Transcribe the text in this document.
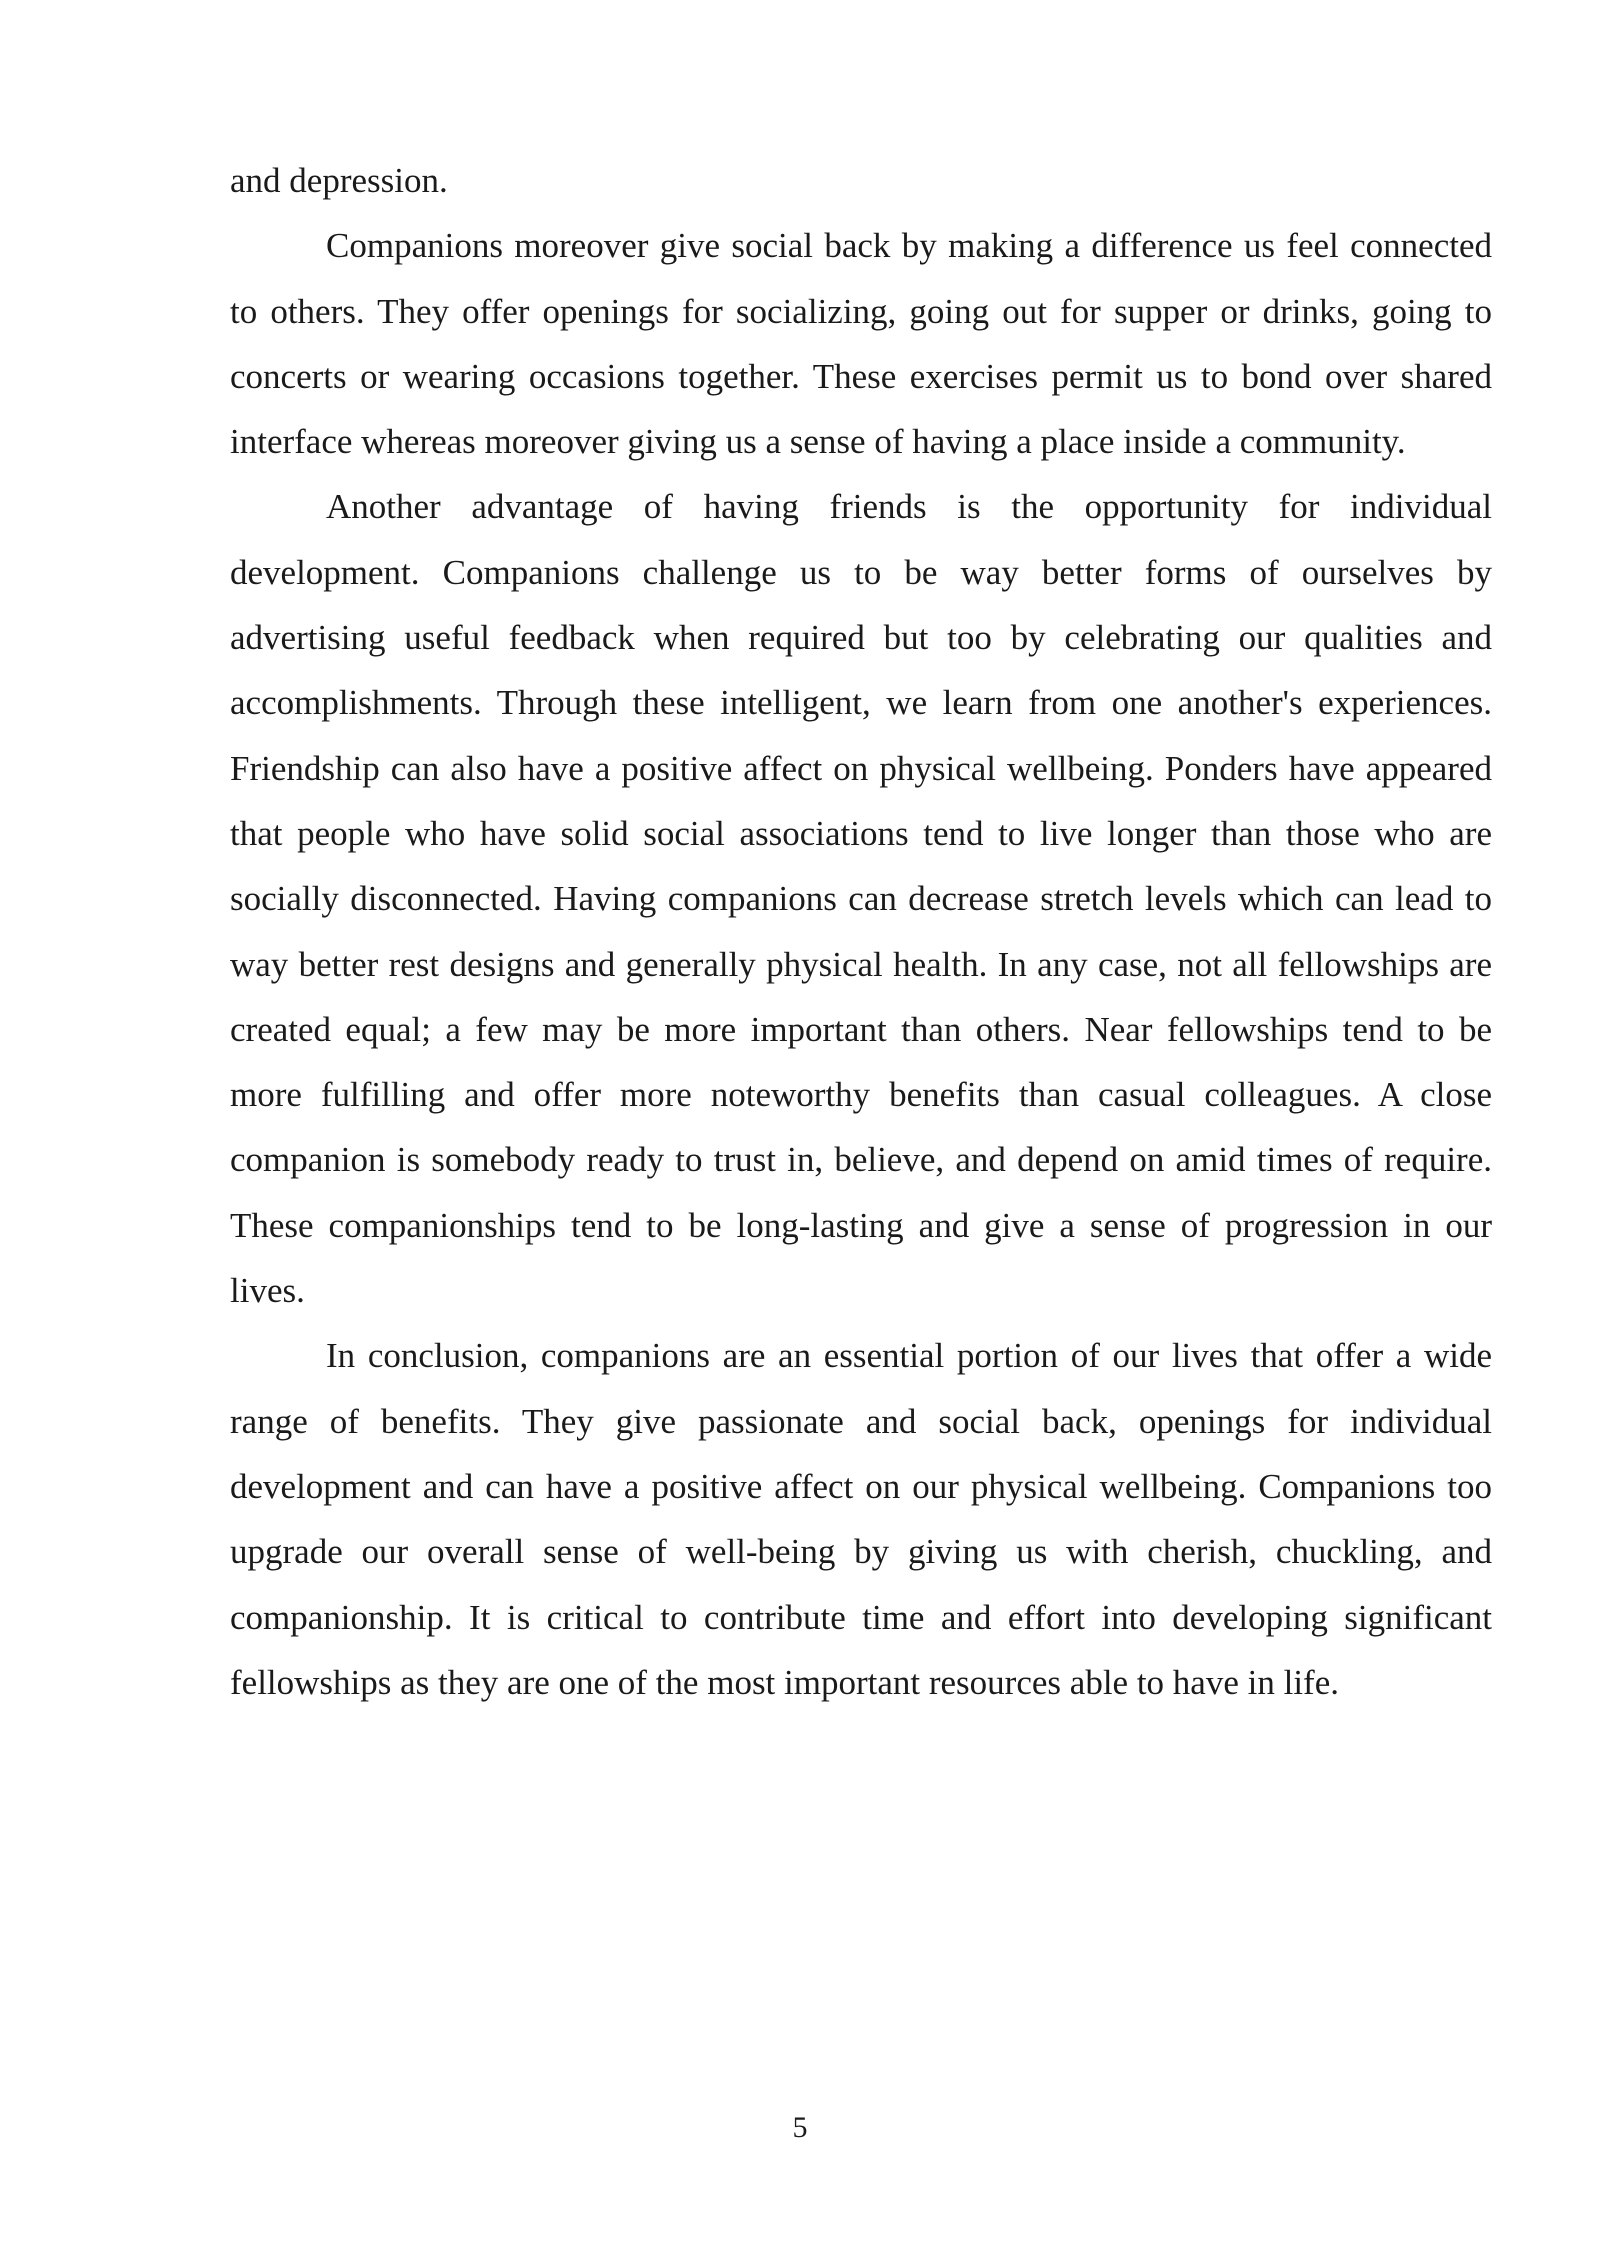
and depression.

Companions moreover give social back by making a difference us feel connected to others. They offer openings for socializing, going out for supper or drinks, going to concerts or wearing occasions together. These exercises permit us to bond over shared interface whereas moreover giving us a sense of having a place inside a community.

Another advantage of having friends is the opportunity for individual development. Companions challenge us to be way better forms of ourselves by advertising useful feedback when required but too by celebrating our qualities and accomplishments. Through these intelligent, we learn from one another's experiences. Friendship can also have a positive affect on physical wellbeing. Ponders have appeared that people who have solid social associations tend to live longer than those who are socially disconnected. Having companions can decrease stretch levels which can lead to way better rest designs and generally physical health. In any case, not all fellowships are created equal; a few may be more important than others. Near fellowships tend to be more fulfilling and offer more noteworthy benefits than casual colleagues. A close companion is somebody ready to trust in, believe, and depend on amid times of require. These companionships tend to be long-lasting and give a sense of progression in our lives.

In conclusion, companions are an essential portion of our lives that offer a wide range of benefits. They give passionate and social back, openings for individual development and can have a positive affect on our physical wellbeing. Companions too upgrade our overall sense of well-being by giving us with cherish, chuckling, and companionship. It is critical to contribute time and effort into developing significant fellowships as they are one of the most important resources able to have in life.

5
